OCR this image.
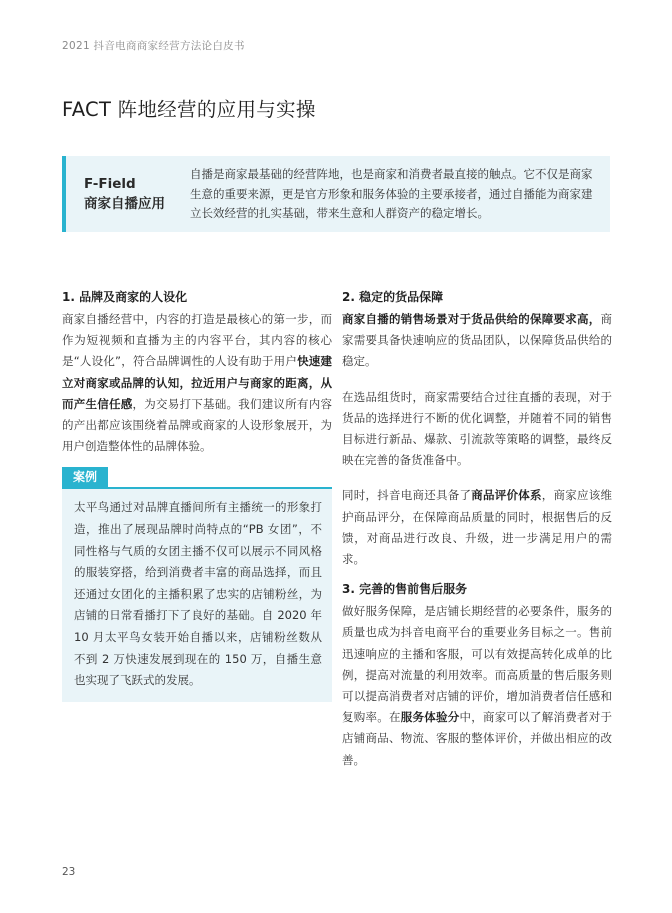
2021 抖音电商商家经营方法论白皮书
FACT 阵地经营的应用与实操
F-Field
商家自播应用
自播是商家最基础的经营阵地，也是商家和消费者最直接的触点。它不仅是商家生意的重要来源，更是官方形象和服务体验的主要承接者，通过自播能为商家建立长效经营的扎实基础，带来生意和人群资产的稳定增长。
1. 品牌及商家的人设化

商家自播经营中，内容的打造是最核心的第一步，而作为短视频和直播为主的内容平台，其内容的核心是“人设化”，符合品牌调性的人设有助于用户快速建立对商家或品牌的认知，拉近用户与商家的距离，从而产生信任感，为交易打下基础。我们建议所有内容的产出都应该围绕着品牌或商家的人设形象展开，为用户创造整体性的品牌体验。

案例

太平鸟通过对品牌直播间所有主播统一的形象打造，推出了展现品牌时尚特点的“PB 女团”，不同性格与气质的女团主播不仅可以展示不同风格的服装穿搭，给到消费者丰富的商品选择，而且还通过女团化的主播积累了忠实的店铺粉丝，为店铺的日常看播打下了良好的基础。自 2020 年 10 月太平鸟女装开始自播以来，店铺粉丝数从不到 2 万快速发展到现在的 150 万，自播生意也实现了飞跃式的发展。

2. 稳定的货品保障

商家自播的销售场景对于货品供给的保障要求高，商家需要具备快速响应的货品团队，以保障货品供给的稳定。

在选品组货时，商家需要结合过往直播的表现，对于货品的选择进行不断的优化调整，并随着不同的销售目标进行新品、爆款、引流款等策略的调整，最终反映在完善的备货准备中。

同时，抖音电商还具备了商品评价体系，商家应该维护商品评分，在保障商品质量的同时，根据售后的反馈，对商品进行改良、升级，进一步满足用户的需求。

3. 完善的售前售后服务

做好服务保障，是店铺长期经营的必要条件，服务的质量也成为抖音电商平台的重要业务目标之一。售前迅速响应的主播和客服，可以有效提高转化成单的比例，提高对流量的利用效率。而高质量的售后服务则可以提高消费者对店铺的评价，增加消费者信任感和复购率。在服务体验分中，商家可以了解消费者对于店铺商品、物流、客服的整体评价，并做出相应的改善。

23
